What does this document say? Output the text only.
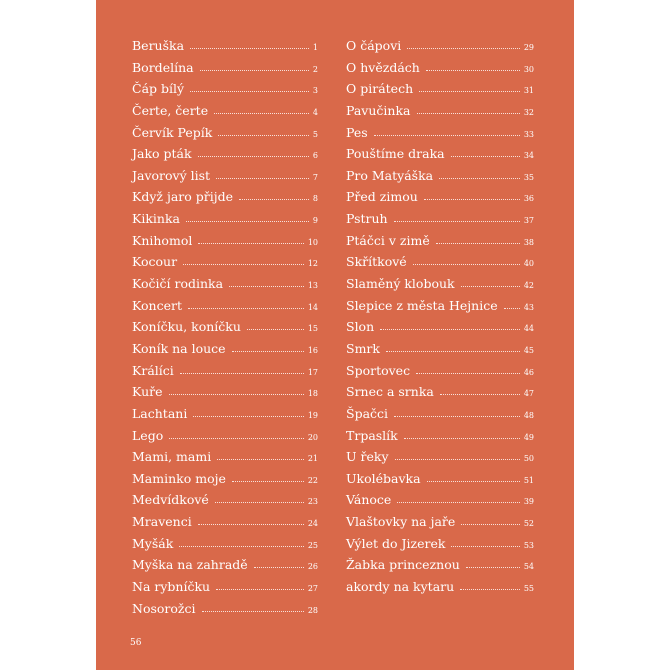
Beruška	1
Bordelína	2
Čáp bílý	3
Čerte, čerte	4
Červík Pepík	5
Jako pták	6
Javorový list	7
Když jaro přijde	8
Kikinka	9
Knihomol	10
Kocour	12
Kočičí rodinka	13
Koncert	14
Koníčku, koníčku	15
Koník na louce	16
Králíci	17
Kuře	18
Lachtani	19
Lego	20
Mami, mami	21
Maminko moje	22
Medvídkové	23
Mravenci	24
Myšák	25
Myška na zahradě	26
Na rybníčku	27
Nosorožci	28
O čápovi	29
O hvězdách	30
O pirátech	31
Pavučinka	32
Pes	33
Pouštíme draka	34
Pro Matyáška	35
Před zimou	36
Pstruh	37
Ptáčci v zimě	38
Skřítkové	40
Slaměný klobouk	42
Slepice z města Hejnice	43
Slon	44
Smrk	45
Sportovec	46
Srnec a srnka	47
Špačci	48
Trpaslík	49
U řeky	50
Ukolébavka	51
Vánoce	39
Vlaštovky na jaře	52
Výlet do Jizerek	53
Žabka princeznou	54
akordy na kytaru	55
56
